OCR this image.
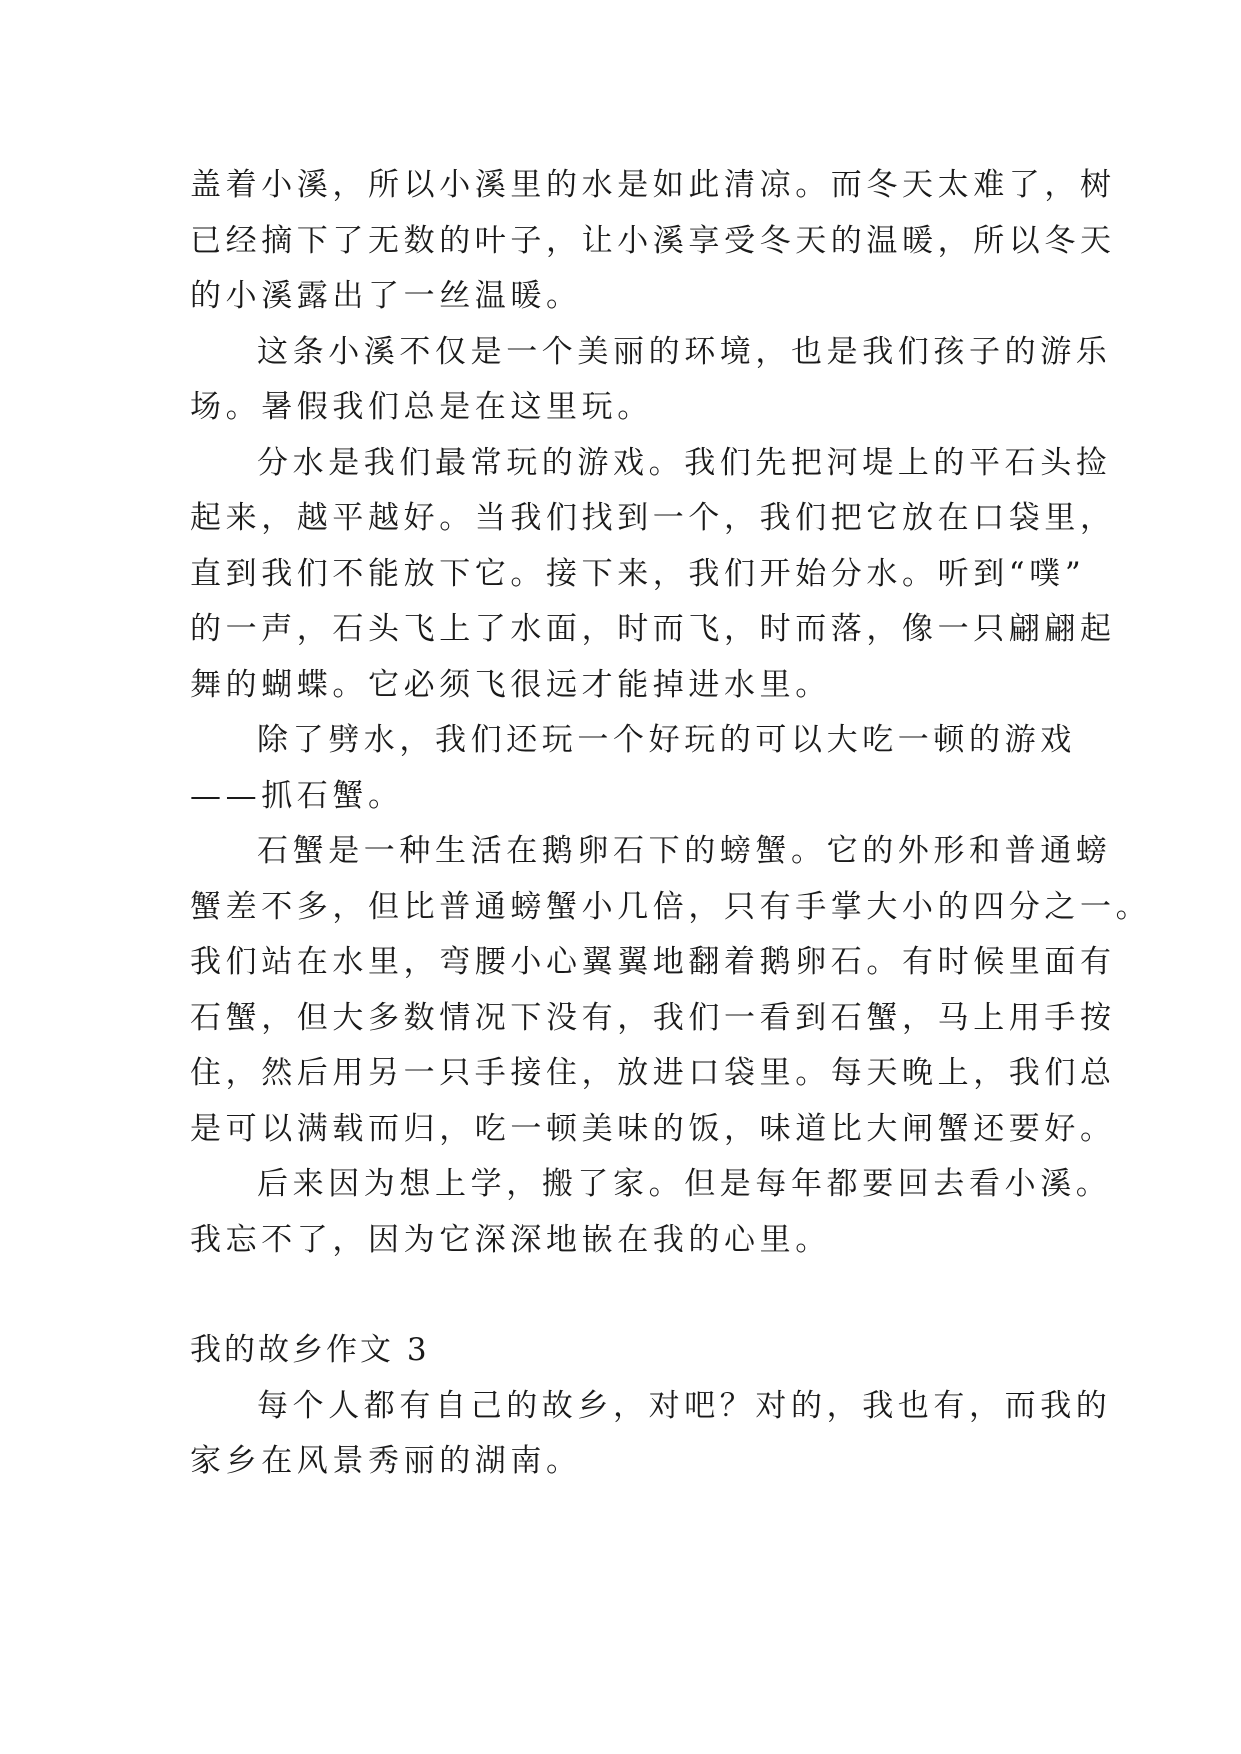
盖着小溪，所以小溪里的水是如此清凉。而冬天太难了，树
已经摘下了无数的叶子，让小溪享受冬天的温暖，所以冬天
的小溪露出了一丝温暖。
这条小溪不仅是一个美丽的环境，也是我们孩子的游乐
场。暑假我们总是在这里玩。
分水是我们最常玩的游戏。我们先把河堤上的平石头捡
起来，越平越好。当我们找到一个，我们把它放在口袋里，
直到我们不能放下它。接下来，我们开始分水。听到“噗”
的一声，石头飞上了水面，时而飞，时而落，像一只翩翩起
舞的蝴蝶。它必须飞很远才能掉进水里。
除了劈水，我们还玩一个好玩的可以大吃一顿的游戏
——抓石蟹。
石蟹是一种生活在鹅卵石下的螃蟹。它的外形和普通螃
蟹差不多，但比普通螃蟹小几倍，只有手掌大小的四分之一。
我们站在水里，弯腰小心翼翼地翻着鹅卵石。有时候里面有
石蟹，但大多数情况下没有，我们一看到石蟹，马上用手按
住，然后用另一只手接住，放进口袋里。每天晚上，我们总
是可以满载而归，吃一顿美味的饭，味道比大闸蟹还要好。
后来因为想上学，搬了家。但是每年都要回去看小溪。
我忘不了，因为它深深地嵌在我的心里。
我的故乡作文 3
每个人都有自己的故乡，对吧？对的，我也有，而我的
家乡在风景秀丽的湖南。
